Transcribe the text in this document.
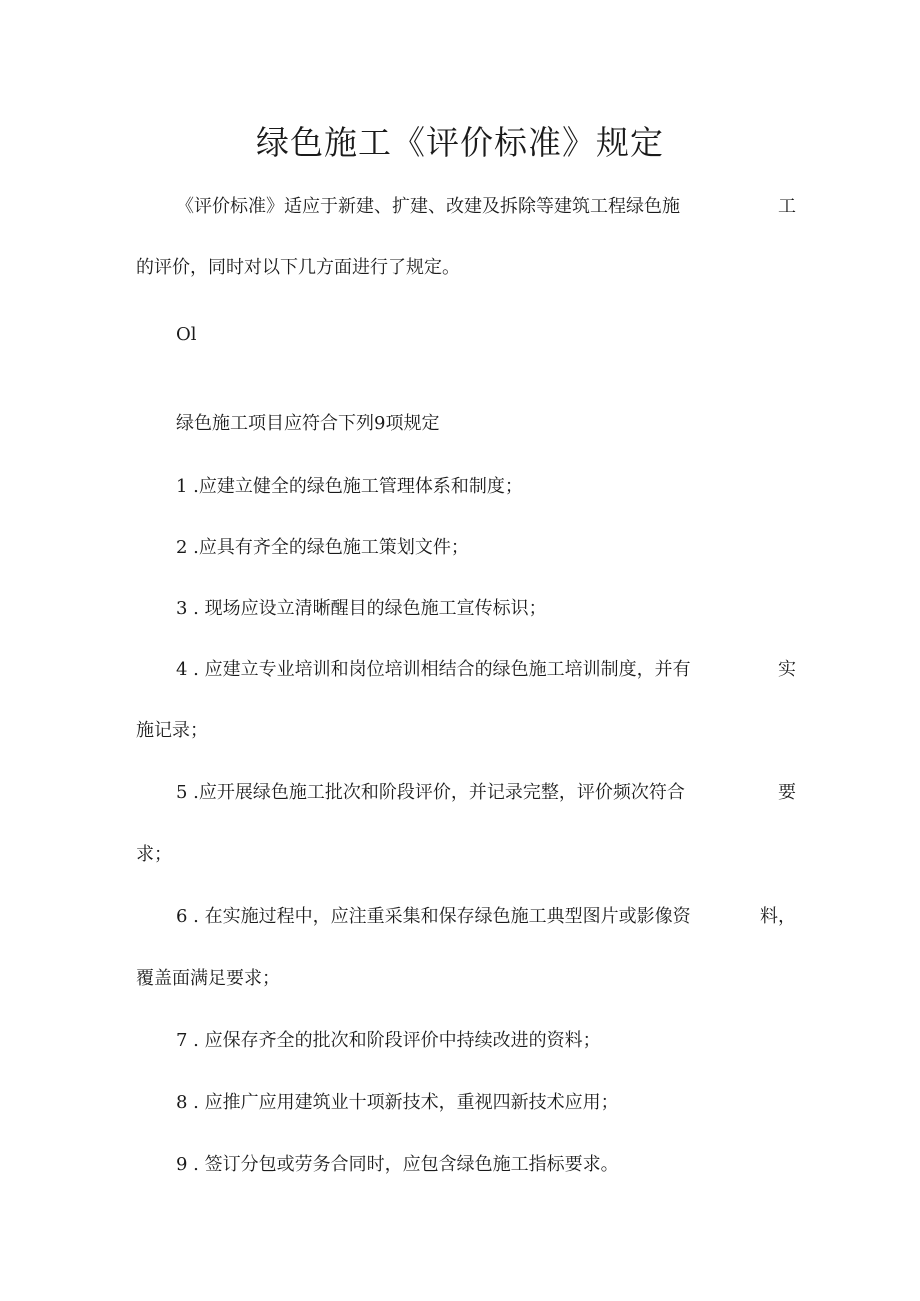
绿色施工《评价标准》规定
《评价标准》适应于新建、扩建、改建及拆除等建筑工程绿色施	工
的评价，同时对以下几方面进行了规定。
Ol
绿色施工项目应符合下列9项规定
1 .应建立健全的绿色施工管理体系和制度；
2 .应具有齐全的绿色施工策划文件；
3 . 现场应设立清晰醒目的绿色施工宣传标识；
4 . 应建立专业培训和岗位培训相结合的绿色施工培训制度，并有	实
施记录；
5 .应开展绿色施工批次和阶段评价，并记录完整，评价频次符合	要
求；
6 . 在实施过程中，应注重采集和保存绿色施工典型图片或影像资	料，
覆盖面满足要求；
7 . 应保存齐全的批次和阶段评价中持续改进的资料；
8 . 应推广应用建筑业十项新技术，重视四新技术应用；
9 . 签订分包或劳务合同时，应包含绿色施工指标要求。
